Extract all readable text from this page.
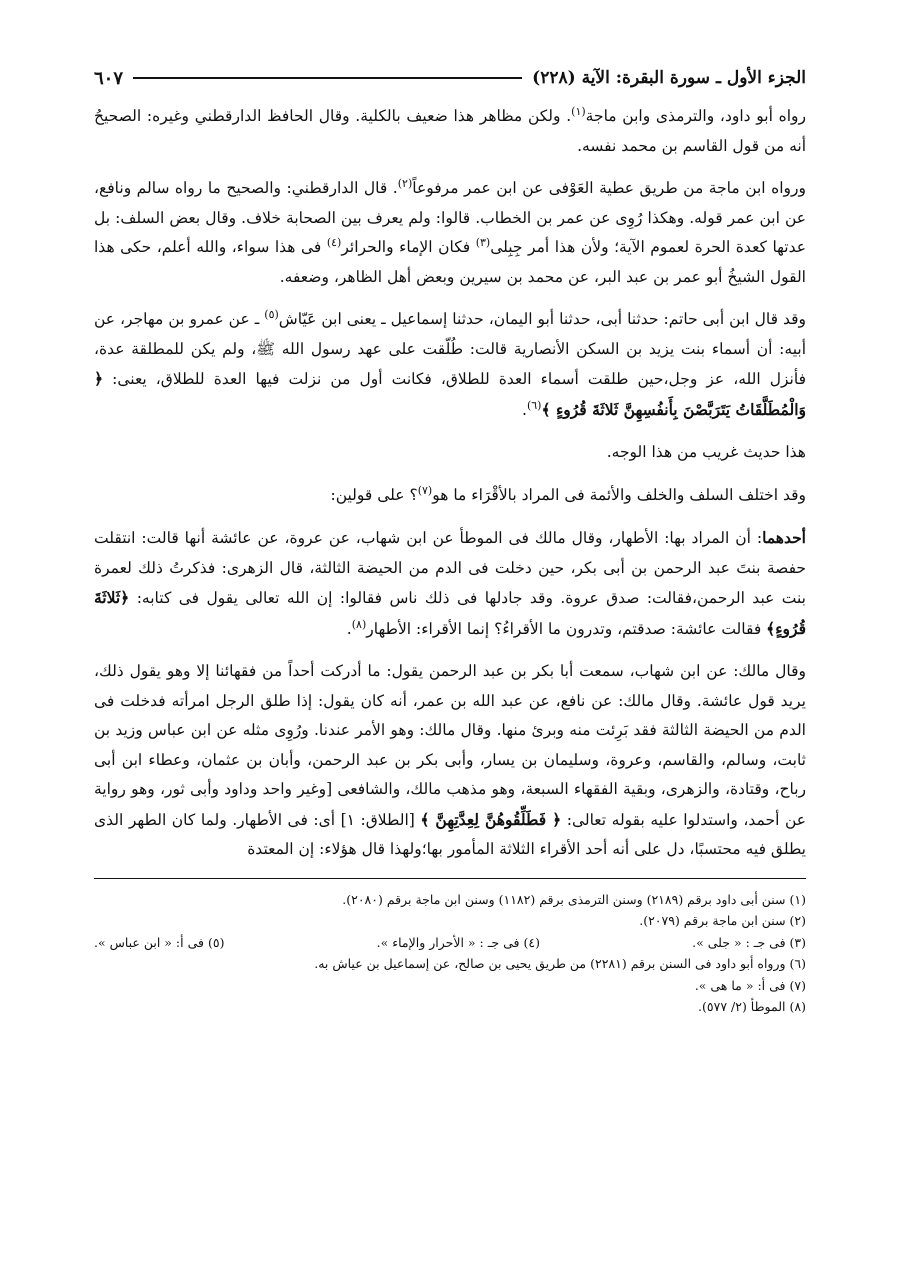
الجزء الأول ـ سورة البقرة: الآية (٢٢٨)
٦٠٧

رواه أبو داود، والترمذى وابن ماجة$^{(١)}$. ولكن مظاهر هذا ضعيف بالكلية. وقال الحافظ الدارقطني وغيره: الصحيحُ أنه من قول القاسم بن محمد نفسه.

ورواه ابن ماجة من طريق عطية العَوْفى عن ابن عمر مرفوعاً$^{(٢)}$. قال الدارقطني: والصحيح ما رواه سالم ونافع، عن ابن عمر قوله. وهكذا رُوِى عن عمر بن الخطاب. قالوا: ولم يعرف بين الصحابة خلاف. وقال بعض السلف: بل عدتها كعدة الحرة لعموم الآية؛ ولأن هذا أمر جِبِلى$^{(٣)}$ فكان الإماء والحرائر$^{(٤)}$ فى هذا سواء، والله أعلم، حكى هذا القول الشيخُ أبو عمر بن عبد البر، عن محمد بن سيرين وبعض أهل الظاهر، وضعفه.

وقد قال ابن أبى حاتم: حدثنا أبى، حدثنا أبو اليمان، حدثنا إسماعيل ـ يعنى ابن عَيّاش$^{(٥)}$ ـ عن عمرو بن مهاجر، عن أبيه: أن أسماء بنت يزيد بن السكن الأنصارية قالت: طُلّقت على عهد رسول الله ﷺ، ولم يكن للمطلقة عدة، فأنزل الله، عز وجل،حين طلقت أسماء العدة للطلاق، فكانت أول من نزلت فيها العدة للطلاق، يعنى: ﴿ وَالْمُطَلَّقَاتُ يَتَرَبَّصْنَ بِأَنفُسِهِنَّ ثَلاثَةَ قُرُوءٍ ﴾$^{(٦)}$.

هذا حديث غريب من هذا الوجه.

وقد اختلف السلف والخلف والأئمة فى المراد بالأقْرَاء ما هو$^{(٧)}$؟ على قولين:

أحدهما: أن المراد بها: الأطهار، وقال مالك فى الموطأ عن ابن شهاب، عن عروة، عن عائشة أنها قالت: انتقلت حفصة بنتَ عبد الرحمن بن أبى بكر، حين دخلت فى الدم من الحيضة الثالثة، قال الزهرى: فذكرتُ ذلك لعمرة بنت عبد الرحمن،فقالت: صدق عروة. وقد جادلها فى ذلك ناس فقالوا: إن الله تعالى يقول فى كتابه: ﴿ثَلاثَةَ قُرُوءٍ﴾ فقالت عائشة: صدقتم، وتدرون ما الأقراءُ؟ إنما الأقراء: الأطهار$^{(٨)}$.

وقال مالك: عن ابن شهاب، سمعت أبا بكر بن عبد الرحمن يقول: ما أدركت أحداً من فقهائنا إلا وهو يقول ذلك، يريد قول عائشة. وقال مالك: عن نافع، عن عبد الله بن عمر، أنه كان يقول: إذا طلق الرجل امرأته فدخلت فى الدم من الحيضة الثالثة فقد بَرِئت منه وبرئ منها. وقال مالك: وهو الأمر عندنا. ورُوِى مثله عن ابن عباس وزيد بن ثابت، وسالم، والقاسم، وعروة، وسليمان بن يسار، وأبى بكر بن عبد الرحمن، وأبان بن عثمان، وعطاء ابن أبى رباح، وقتادة، والزهرى، وبقية الفقهاء السبعة، وهو مذهب مالك، والشافعى [وغير واحد وداود وأبى ثور، وهو رواية عن أحمد، واستدلوا عليه بقوله تعالى: ﴿ فَطَلِّقُوهُنَّ لِعِدَّتِهِنَّ ﴾ [الطلاق: ١] أى: فى الأطهار. ولما كان الطهر الذى يطلق فيه محتسبًا، دل على أنه أحد الأقراء الثلاثة المأمور بها؛ولهذا قال هؤلاء: إن المعتدة

(١) سنن أبى داود برقم (٢١٨٩) وسنن الترمذى برقم (١١٨٢) وسنن ابن ماجة برقم (٢٠٨٠).
(٢) سنن ابن ماجة برقم (٢٠٧٩).
(٣) فى جـ : « جلى ».
(٤) فى جـ : « الأحرار والإماء ».
(٥) فى أ: « ابن عباس ».
(٦) ورواه أبو داود فى السنن برقم (٢٢٨١) من طريق يحيى بن صالح، عن إسماعيل بن عياش به.
(٧) فى أ: « ما هى ».
(٨) الموطأ (٢/ ٥٧٧).
